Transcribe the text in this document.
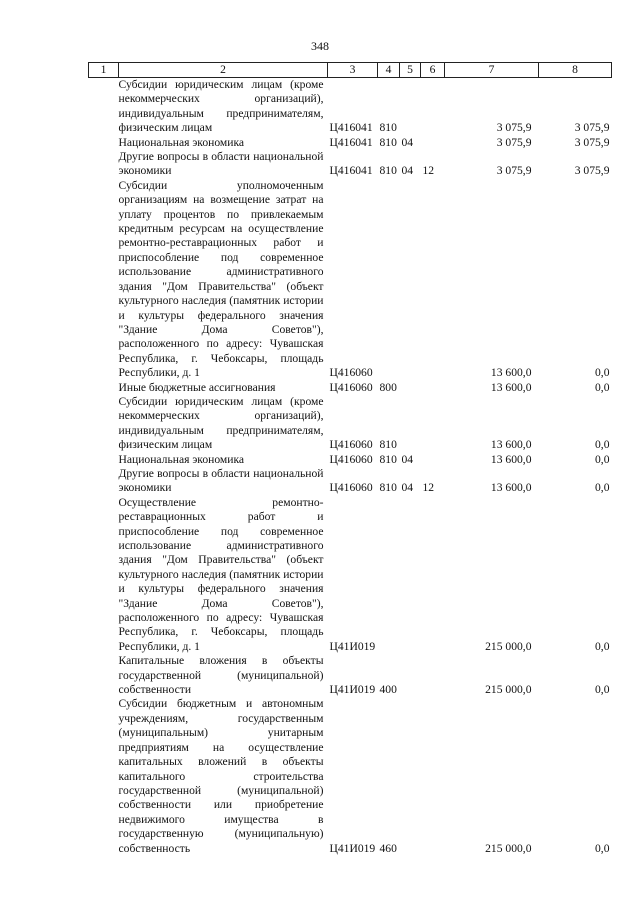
348
1	2	3	4	5	6	7	8
	Субсидии юридическим лицам (кроме некоммерческих организаций), индивидуальным предпринимателям, физическим лицам	Ц416041	810			3 075,9	3 075,9
	Национальная экономика	Ц416041	810	04		3 075,9	3 075,9
	Другие вопросы в области национальной экономики	Ц416041	810	04	12	3 075,9	3 075,9
	Субсидии уполномоченным организациям на возмещение затрат на уплату процентов по привлекаемым кредитным ресурсам на осуществление ремонтно-реставрационных работ и приспособление под современное использование административного здания "Дом Правительства" (объект культурного наследия (памятник истории и культуры федерального значения "Здание Дома Советов"), расположенного по адресу: Чувашская Республика, г. Чебоксары, площадь Республики, д. 1	Ц416060				13 600,0	0,0
	Иные бюджетные ассигнования	Ц416060	800			13 600,0	0,0
	Субсидии юридическим лицам (кроме некоммерческих организаций), индивидуальным предпринимателям, физическим лицам	Ц416060	810			13 600,0	0,0
	Национальная экономика	Ц416060	810	04		13 600,0	0,0
	Другие вопросы в области национальной экономики	Ц416060	810	04	12	13 600,0	0,0
	Осуществление ремонтно-реставрационных работ и приспособление под современное использование административного здания "Дом Правительства" (объект культурного наследия (памятник истории и культуры федерального значения "Здание Дома Советов"), расположенного по адресу: Чувашская Республика, г. Чебоксары, площадь Республики, д. 1	Ц41И019				215 000,0	0,0
	Капитальные вложения в объекты государственной (муниципальной) собственности	Ц41И019	400			215 000,0	0,0
	Субсидии бюджетным и автономным учреждениям, государственным (муниципальным) унитарным предприятиям на осуществление капитальных вложений в объекты капитального строительства государственной (муниципальной) собственности или приобретение недвижимого имущества в государственную (муниципальную) собственность	Ц41И019	460			215 000,0	0,0
